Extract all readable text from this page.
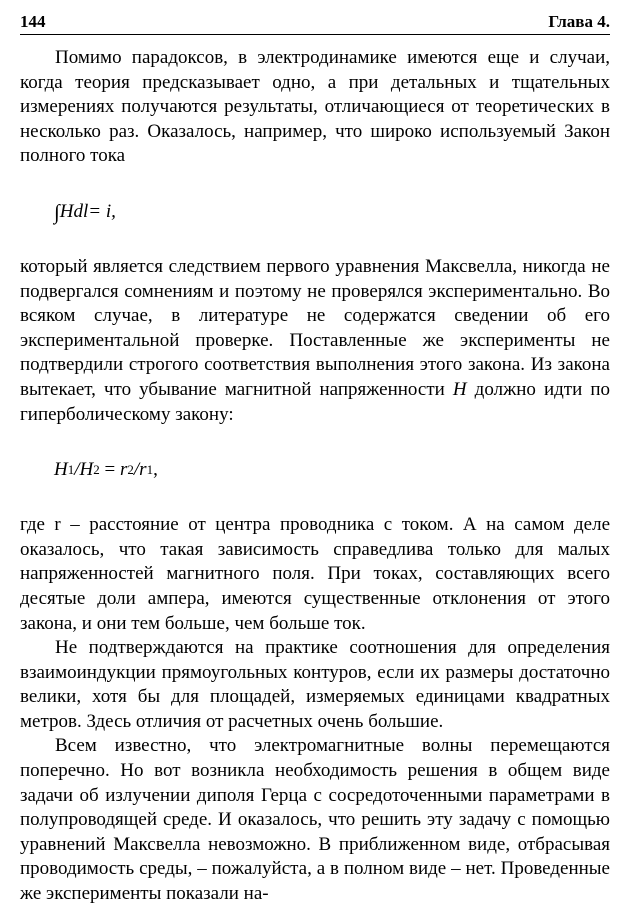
144	Глава 4.

Помимо парадоксов, в электродинамике имеются еще и случаи, когда теория предсказывает одно, а при детальных и тщательных измерениях получаются результаты, отличающиеся от теоретических в несколько раз. Оказалось, например, что широко используемый Закон полного тока

∫ Hdl = i,

который является следствием первого уравнения Максвелла, никогда не подвергался сомнениям и поэтому не проверялся экспериментально. Во всяком случае, в литературе не содержатся сведении об его экспериментальной проверке. Поставленные же эксперименты не подтвердили строгого соответствия выполнения этого закона. Из закона вытекает, что убывание магнитной напряженности H должно идти по гиперболическому закону:

H 1 / H 2 = r 2 / r 1 ,

где r – расстояние от центра проводника с током. А на самом деле оказалось, что такая зависимость справедлива только для малых напряженностей магнитного поля. При токах, составляющих всего десятые доли ампера, имеются существенные отклонения от этого закона, и они тем больше, чем больше ток.

Не подтверждаются на практике соотношения для определения взаимоиндукции прямоугольных контуров, если их размеры достаточно велики, хотя бы для площадей, измеряемых единицами квадратных метров. Здесь отличия от расчетных очень большие.

Всем известно, что электромагнитные волны перемещаются поперечно. Но вот возникла необходимость решения в общем виде задачи об излучении диполя Герца с сосредоточенными параметрами в полупроводящей среде. И оказалось, что решить эту задачу с помощью уравнений Максвелла невозможно. В приближенном виде, отбрасывая проводимость среды, – пожалуйста, а в полном виде – нет. Проведенные же эксперименты показали на-
